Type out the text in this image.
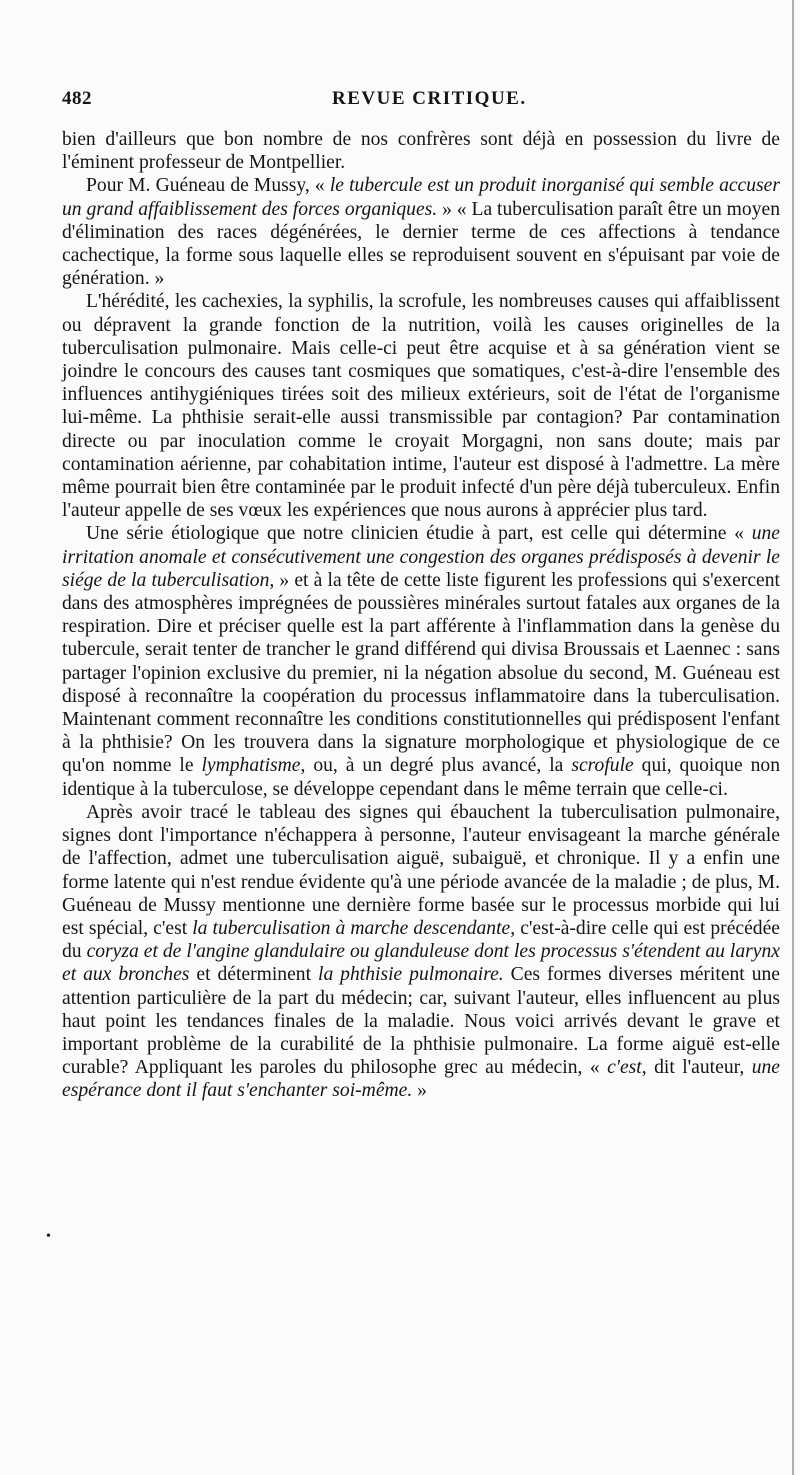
482	REVUE CRITIQUE.
•

bien d'ailleurs que bon nombre de nos confrères sont déjà en possession du livre de l'éminent professeur de Montpellier.

Pour M. Guéneau de Mussy, « le tubercule est un produit inorganisé qui semble accuser un grand affaiblissement des forces organiques. » « La tuberculisation paraît être un moyen d'élimination des races dégénérées, le dernier terme de ces affections à tendance cachectique, la forme sous laquelle elles se reproduisent souvent en s'épuisant par voie de génération. »

L'hérédité, les cachexies, la syphilis, la scrofule, les nombreuses causes qui affaiblissent ou dépravent la grande fonction de la nutrition, voilà les causes originelles de la tuberculisation pulmonaire. Mais celle-ci peut être acquise et à sa génération vient se joindre le concours des causes tant cosmiques que somatiques, c'est-à-dire l'ensemble des influences antihygiéniques tirées soit des milieux extérieurs, soit de l'état de l'organisme lui-même. La phthisie serait-elle aussi transmissible par contagion? Par contamination directe ou par inoculation comme le croyait Morgagni, non sans doute; mais par contamination aérienne, par cohabitation intime, l'auteur est disposé à l'admettre. La mère même pourrait bien être contaminée par le produit infecté d'un père déjà tuberculeux. Enfin l'auteur appelle de ses vœux les expériences que nous aurons à apprécier plus tard.

Une série étiologique que notre clinicien étudie à part, est celle qui détermine « une irritation anomale et consécutivement une congestion des organes prédisposés à devenir le siége de la tuberculisation, » et à la tête de cette liste figurent les professions qui s'exercent dans des atmosphères imprégnées de poussières minérales surtout fatales aux organes de la respiration. Dire et préciser quelle est la part afférente à l'inflammation dans la genèse du tubercule, serait tenter de trancher le grand différend qui divisa Broussais et Laennec : sans partager l'opinion exclusive du premier, ni la négation absolue du second, M. Guéneau est disposé à reconnaître la coopération du processus inflammatoire dans la tuberculisation. Maintenant comment reconnaître les conditions constitutionnelles qui prédisposent l'enfant à la phthisie? On les trouvera dans la signature morphologique et physiologique de ce qu'on nomme le lymphatisme, ou, à un degré plus avancé, la scrofule qui, quoique non identique à la tuberculose, se développe cependant dans le même terrain que celle-ci.

Après avoir tracé le tableau des signes qui ébauchent la tuberculisation pulmonaire, signes dont l'importance n'échappera à personne, l'auteur envisageant la marche générale de l'affection, admet une tuberculisation aiguë, subaiguë, et chronique. Il y a enfin une forme latente qui n'est rendue évidente qu'à une période avancée de la maladie ; de plus, M. Guéneau de Mussy mentionne une dernière forme basée sur le processus morbide qui lui est spécial, c'est la tuberculisation à marche descendante, c'est-à-dire celle qui est précédée du coryza et de l'angine glandulaire ou glanduleuse dont les processus s'étendent au larynx et aux bronches et déterminent la phthisie pulmonaire. Ces formes diverses méritent une attention particulière de la part du médecin; car, suivant l'auteur, elles influencent au plus haut point les tendances finales de la maladie. Nous voici arrivés devant le grave et important problème de la curabilité de la phthisie pulmonaire. La forme aiguë est-elle curable? Appliquant les paroles du philosophe grec au médecin, « c'est, dit l'auteur, une espérance dont il faut s'enchanter soi-même. »
